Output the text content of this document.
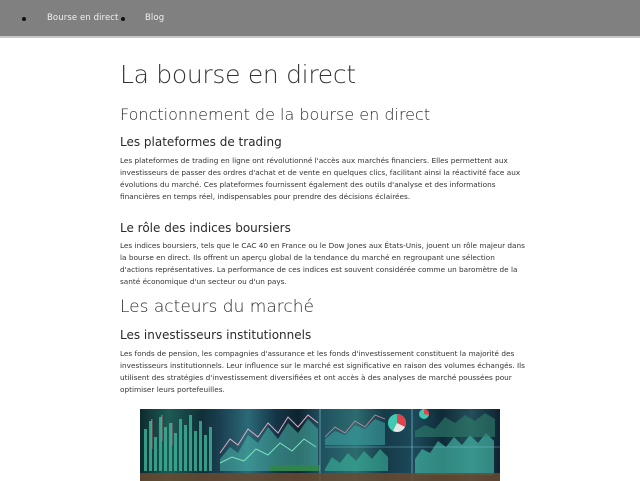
Bourse en direct	Blog
La bourse en direct
Fonctionnement de la bourse en direct
Les plateformes de trading

Les plateformes de trading en ligne ont révolutionné l'accès aux marchés financiers. Elles permettent aux investisseurs de passer des ordres d'achat et de vente en quelques clics, facilitant ainsi la réactivité face aux évolutions du marché. Ces plateformes fournissent également des outils d'analyse et des informations financières en temps réel, indispensables pour prendre des décisions éclairées.

Le rôle des indices boursiers

Les indices boursiers, tels que le CAC 40 en France ou le Dow Jones aux États-Unis, jouent un rôle majeur dans la bourse en direct. Ils offrent un aperçu global de la tendance du marché en regroupant une sélection d'actions représentatives. La performance de ces indices est souvent considérée comme un baromètre de la santé économique d'un secteur ou d'un pays.

Les acteurs du marché
Les investisseurs institutionnels

Les fonds de pension, les compagnies d'assurance et les fonds d'investissement constituent la majorité des investisseurs institutionnels. Leur influence sur le marché est significative en raison des volumes échangés. Ils utilisent des stratégies d'investissement diversifiées et ont accès à des analyses de marché poussées pour optimiser leurs portefeuilles.
